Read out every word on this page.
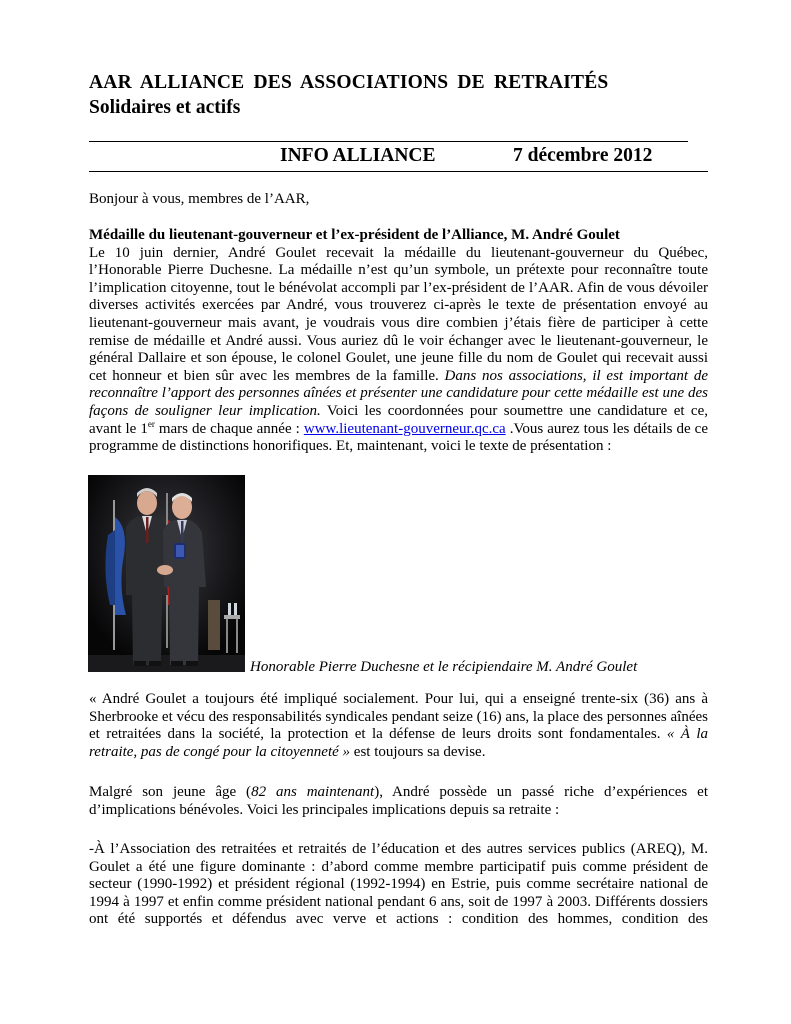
AAR ALLIANCE DES ASSOCIATIONS DE RETRAITÉS
Solidaires et actifs
INFO ALLIANCE	7 décembre 2012
Bonjour à vous, membres de l’AAR,
Médaille du lieutenant-gouverneur et l’ex-président de l’Alliance, M. André Goulet
Le 10 juin dernier, André Goulet recevait la médaille du lieutenant-gouverneur du Québec, l’Honorable Pierre Duchesne. La médaille n’est qu’un symbole, un prétexte pour reconnaître toute l’implication citoyenne, tout le bénévolat accompli par l’ex-président de l’AAR. Afin de vous dévoiler diverses activités exercées par André, vous trouverez ci-après le texte de présentation envoyé au lieutenant-gouverneur mais avant, je voudrais vous dire combien j’étais fière de participer à cette remise de médaille et André aussi. Vous auriez dû le voir échanger avec le lieutenant-gouverneur, le général Dallaire et son épouse, le colonel Goulet, une jeune fille du nom de Goulet qui recevait aussi cet honneur et bien sûr avec les membres de la famille. Dans nos associations, il est important de reconnaître l’apport des personnes aînées et présenter une candidature pour cette médaille est une des façons de souligner leur implication. Voici les coordonnées pour soumettre une candidature et ce, avant le 1er mars de chaque année : www.lieutenant-gouverneur.qc.ca .Vous aurez tous les détails de ce programme de distinctions honorifiques. Et, maintenant, voici le texte de présentation :
Honorable Pierre Duchesne et le récipiendaire M. André Goulet
« André Goulet a toujours été impliqué socialement. Pour lui, qui a enseigné trente-six (36) ans à Sherbrooke et vécu des responsabilités syndicales pendant seize (16) ans, la place des personnes aînées et retraitées dans la société, la protection et la défense de leurs droits sont fondamentales. « À la retraite, pas de congé pour la citoyenneté » est toujours sa devise.
Malgré son jeune âge (82 ans maintenant), André possède un passé riche d’expériences et d’implications bénévoles. Voici les principales implications depuis sa retraite :
-À l’Association des retraitées et retraités de l’éducation et des autres services publics (AREQ), M. Goulet a été une figure dominante : d’abord comme membre participatif puis comme président de secteur (1990-1992) et président régional (1992-1994) en Estrie, puis comme secrétaire national de 1994 à 1997 et enfin comme président national pendant 6 ans, soit de 1997 à 2003. Différents dossiers ont été supportés et défendus avec verve et actions : condition des hommes, condition des
